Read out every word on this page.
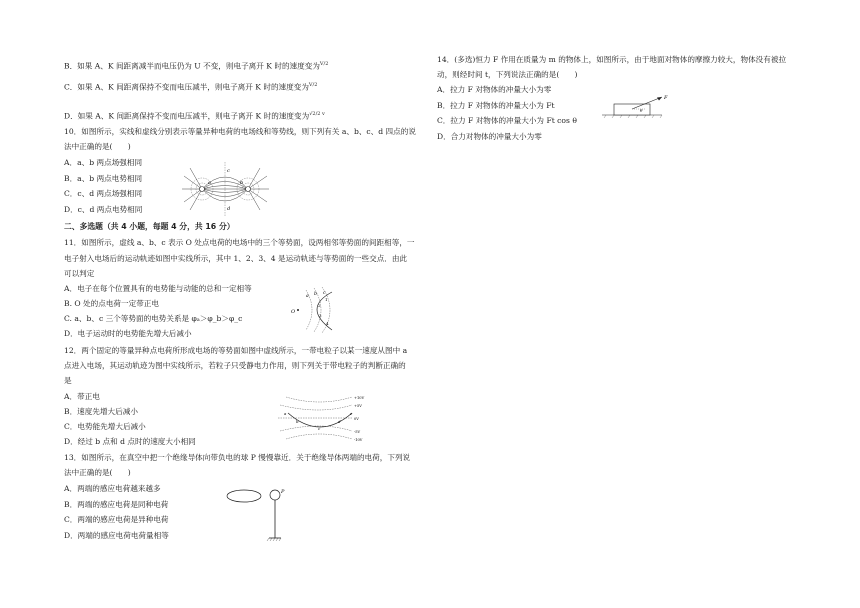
B．如果 A、K 间距离减半而电压仍为 U 不变，则电子离开 K 时的速度变为$^{V/2}$
C．如果 A、K 间距离保持不变而电压减半，则电子离开 K 时的速度变为$^{V/2}$
D．如果 A、K 间距离保持不变而电压减半，则电子离开 K 时的速度变为$^{√2/2 v}$
10．如图所示，实线和虚线分别表示等量异种电荷的电场线和等势线，则下列有关 a、b、c、d 四点的说
法中正确的是(　　)
A．a、b 两点场强相同
B．a、b 两点电势相同
C．c、d 两点场强相同
D．c、d 两点电势相同
a	b
c
d
二、多选题（共 4 小题，每题 4 分，共 16 分）
11．如图所示，虚线 a、b、c 表示 O 处点电荷的电场中的三个等势面，设两相邻等势面的间距相等，一
电子射入电场后的运动轨迹如图中实线所示，其中 1、2、3、4 是运动轨迹与等势面的一些交点．由此
可以判定
A．电子在每个位置具有的电势能与动能的总和一定相等
B. O 处的点电荷一定带正电
C. a、b、c 三个等势面的电势关系是 φₐ＞φ_b＞φ_c
D．电子运动时的电势能先增大后减小
O
a b c
1
2
3
4
12．两个固定的等量异种点电荷所形成电场的等势面如图中虚线所示，一带电粒子以某一速度从图中 a
点进入电场，其运动轨迹为图中实线所示，若粒子只受静电力作用，则下列关于带电粒子的判断正确的
是
A．带正电
B．速度先增大后减小
C．电势能先增大后减小
D．经过 b 点和 d 点时的速度大小相同
+10V
+5V
0V
-5V
-10V
a
b
c
d
e
13．如图所示，在真空中把一个绝缘导体向带负电的球 P 慢慢靠近．关于绝缘导体两端的电荷，下列说
法中正确的是(　　)
A．两端的感应电荷越来越多
B．两端的感应电荷是同种电荷
C．两端的感应电荷是异种电荷
D．两端的感应电荷电荷量相等
P
14．(多选)恒力 F 作用在质量为 m 的物体上，如图所示，由于地面对物体的摩擦力较大，物体没有被拉
动，则经时间 t，下列说法正确的是(　　)
A．拉力 F 对物体的冲量大小为零
B．拉力 F 对物体的冲量大小为 Ft
C．拉力 F 对物体的冲量大小为 Ft cos θ
D．合力对物体的冲量大小为零
F
θ
